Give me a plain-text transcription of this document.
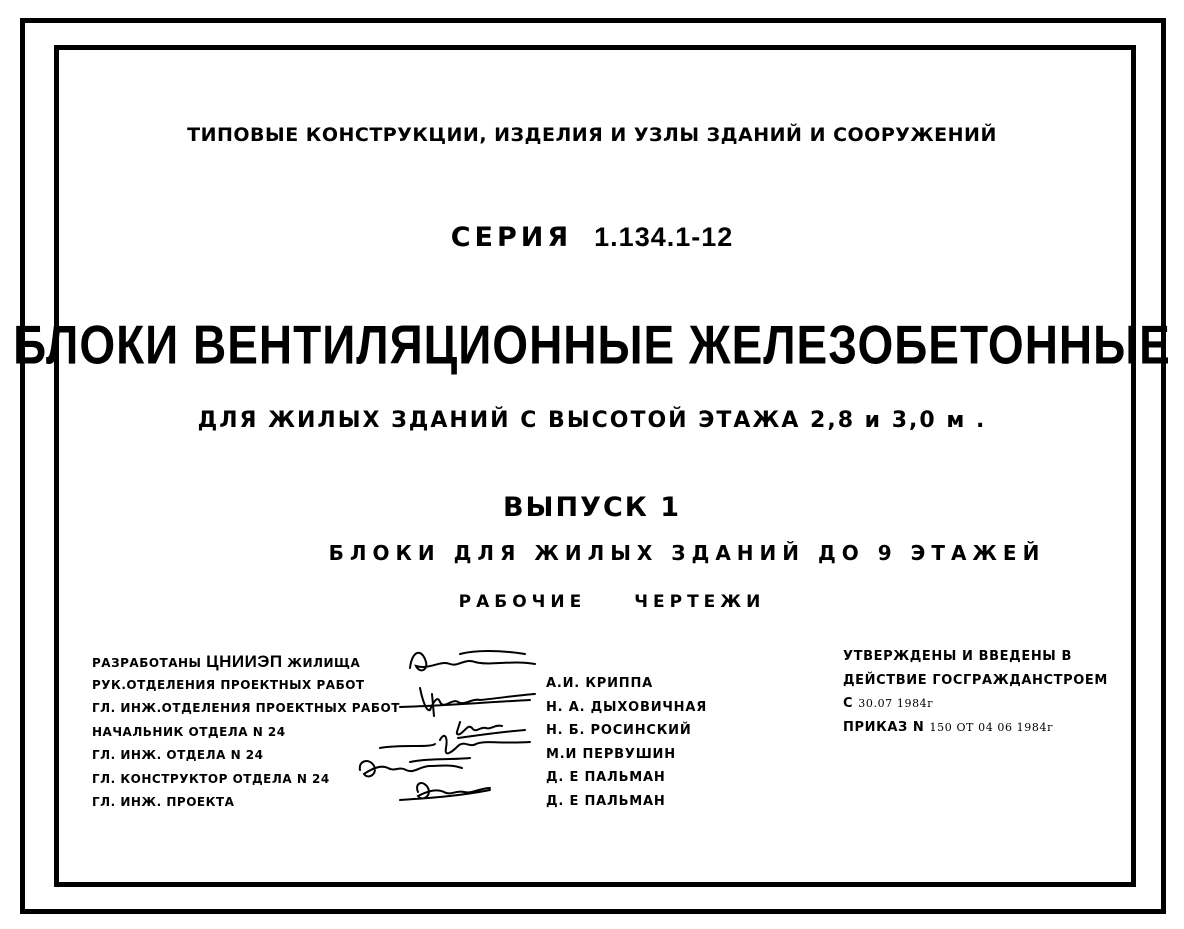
ТИПОВЫЕ КОНСТРУКЦИИ, ИЗДЕЛИЯ И УЗЛЫ ЗДАНИЙ И СООРУЖЕНИЙ
СЕРИЯ 1.134.1-12
БЛОКИ ВЕНТИЛЯЦИОННЫЕ ЖЕЛЕЗОБЕТОННЫЕ
ДЛЯ ЖИЛЫХ ЗДАНИЙ С ВЫСОТОЙ ЭТАЖА 2,8 и 3,0 м .
ВЫПУСК 1
БЛОКИ ДЛЯ ЖИЛЫХ ЗДАНИЙ ДО 9 ЭТАЖЕЙ
РАБОЧИЕ	ЧЕРТЕЖИ
РАЗРАБОТАНЫ ЦНИИЭП ЖИЛИЩА
РУК.ОТДЕЛЕНИЯ ПРОЕКТНЫХ РАБОТ
ГЛ. ИНЖ.ОТДЕЛЕНИЯ ПРОЕКТНЫХ РАБОТ
НАЧАЛЬНИК ОТДЕЛА N 24
ГЛ. ИНЖ. ОТДЕЛА N 24
ГЛ. КОНСТРУКТОР ОТДЕЛА N 24
ГЛ. ИНЖ. ПРОЕКТА
А.И. КРИППА
Н. А. ДЫХОВИЧНАЯ
Н. Б. РОСИНСКИЙ
М.И ПЕРВУШИН
Д. Е ПАЛЬМАН
Д. Е ПАЛЬМАН
УТВЕРЖДЕНЫ И ВВЕДЕНЫ В
ДЕЙСТВИЕ ГОСГРАЖДАНСТРОЕМ
С 30.07 1984г
ПРИКАЗ N 150 ОТ 04 06 1984г
